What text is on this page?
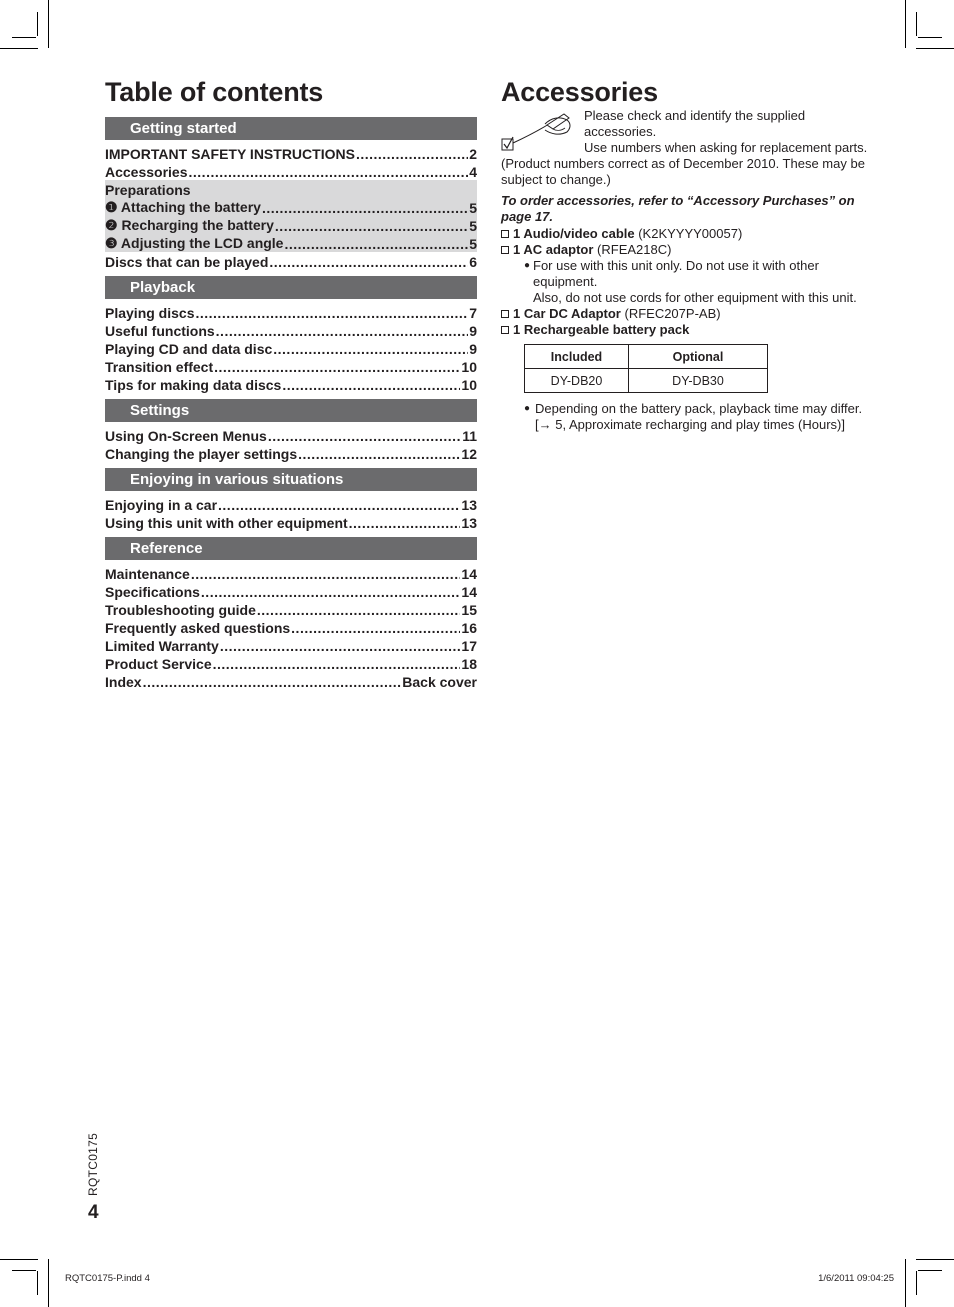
Table of contents
Getting started
IMPORTANT SAFETY INSTRUCTIONS .....	2
Accessories .....	4
Preparations
❶ Attaching the battery .....	5
❷ Recharging the battery .....	5
❸ Adjusting the LCD angle .....	5
Discs that can be played .....	6
Playback
Playing discs .....	7
Useful functions .....	9
Playing CD and data disc .....	9
Transition effect .....	10
Tips for making data discs .....	10
Settings
Using On-Screen Menus .....	11
Changing the player settings .....	12
Enjoying in various situations
Enjoying in a car .....	13
Using this unit with other equipment .....	13
Reference
Maintenance .....	14
Specifications .....	14
Troubleshooting guide .....	15
Frequently asked questions .....	16
Limited Warranty .....	17
Product Service .....	18
Index .....	Back cover
Accessories

Please check and identify the supplied accessories.

Use numbers when asking for replacement parts.

(Product numbers correct as of December 2010. These may be subject to change.)

To order accessories, refer to “Accessory Purchases” on page 17.

1 Audio/video cable (K2KYYYY00057)
1 AC adaptor (RFEA218C)
● For use with this unit only. Do not use it with other equipment.

Also, do not use cords for other equipment with this unit.

1 Car DC Adaptor (RFEC207P-AB)
1 Rechargeable battery pack
Included	Optional
DY-DB20	DY-DB30
● Depending on the battery pack, playback time may differ. [→ 5, Approximate recharging and play times (Hours)]
RQTC0175
4
RQTC0175-P.indd 4	1/6/2011 09:04:25
